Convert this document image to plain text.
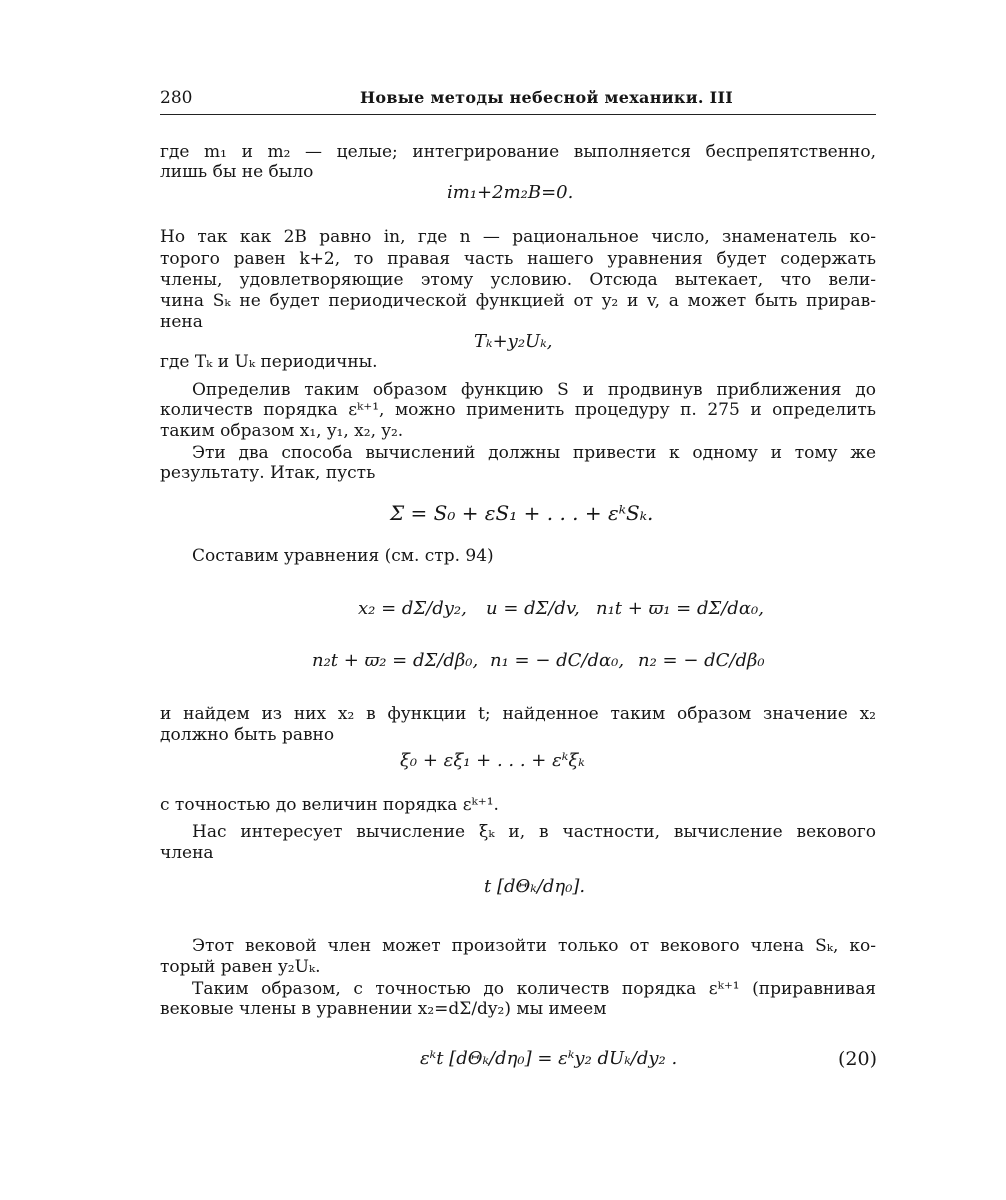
280	Новые методы небесной механики. III
где m₁ и m₂ — целые; интегрирование выполняется беспрепятственно,
лишь бы не было
im₁+2m₂B=0.
Но так как 2B равно in, где n — рациональное число, знаменатель ко-
торого равен k+2, то правая часть нашего уравнения будет содержать
члены, удовлетворяющие этому условию. Отсюда вытекает, что вели-
чина Sₖ не будет периодической функцией от y₂ и v, а может быть прирав-
нена
Tₖ+y₂Uₖ,
где Tₖ и Uₖ периодичны.
Определив таким образом функцию S и продвинув приближения до
количеств порядка εᵏ⁺¹, можно применить процедуру п. 275 и определить
таким образом x₁, y₁, x₂, y₂.
Эти два способа вычислений должны привести к одному и тому же
результату. Итак, пусть
Σ = S₀ + εS₁ + . . . + εᵏSₖ.
Составим уравнения (см. стр. 94)
x₂ = dΣ/dy₂, u = dΣ/dv, n₁t + ϖ₁ = dΣ/dα₀,
n₂t + ϖ₂ = dΣ/dβ₀, n₁ = − dC/dα₀, n₂ = − dC/dβ₀
и найдем из них x₂ в функции t; найденное таким образом значение x₂
должно быть равно
ξ₀ + εξ₁ + . . . + εᵏξₖ
с точностью до величин порядка εᵏ⁺¹.
Нас интересует вычисление ξₖ и, в частности, вычисление векового
члена
t [dΘₖ/dη₀].
Этот вековой член может произойти только от векового члена Sₖ, ко-
торый равен y₂Uₖ.
Таким образом, с точностью до количеств порядка εᵏ⁺¹ (приравнивая
вековые члены в уравнении x₂=dΣ/dy₂) мы имеем
εᵏt [dΘₖ/dη₀] = εᵏy₂ dUₖ/dy₂ .	(20)
